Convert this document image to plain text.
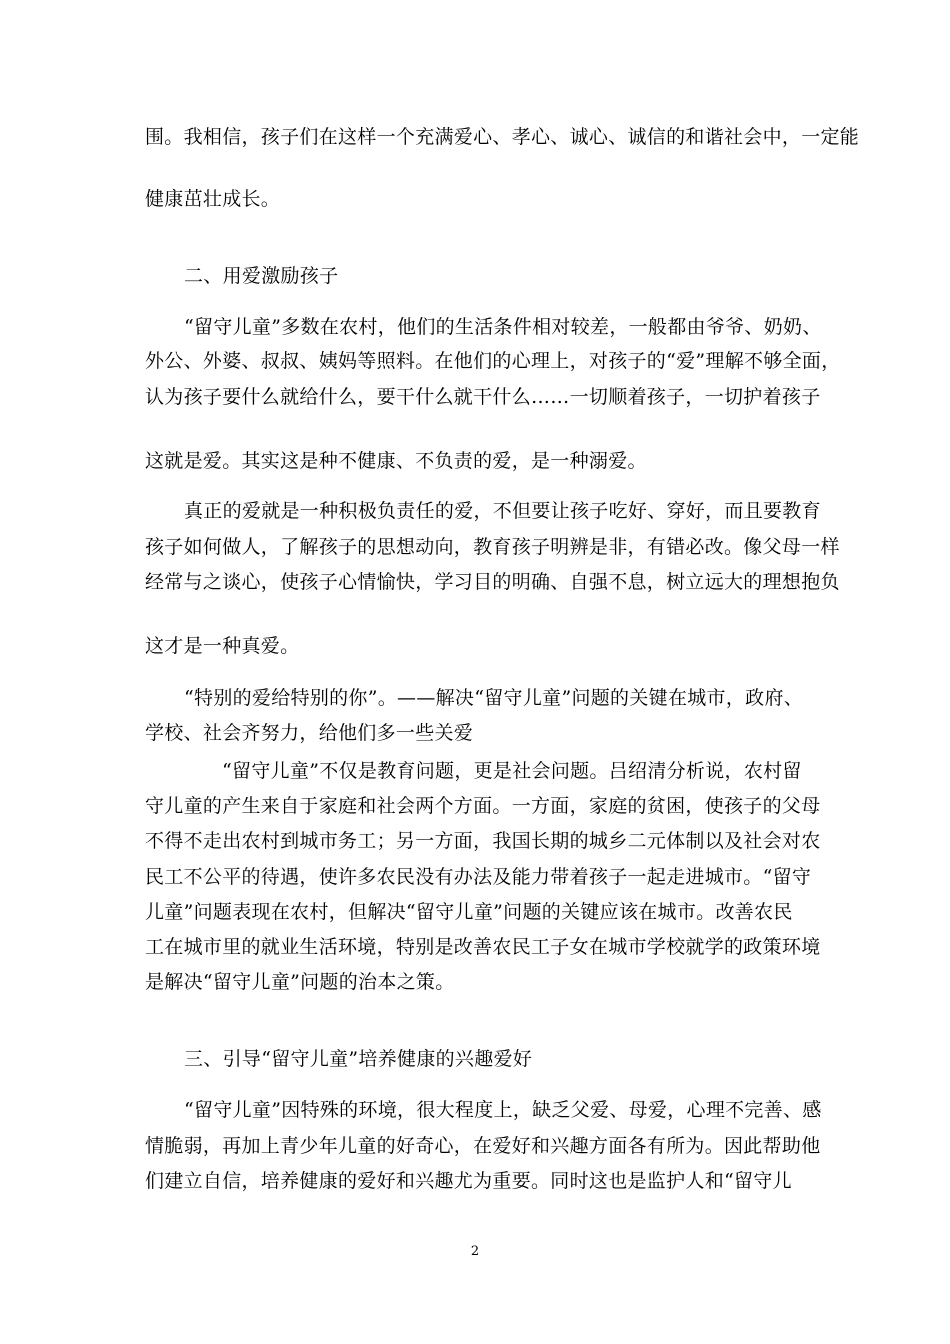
围。我相信，孩子们在这样一个充满爱心、孝心、诚心、诚信的和谐社会中，一定能
健康茁壮成长。
二、用爱激励孩子
“留守儿童”多数在农村，他们的生活条件相对较差，一般都由爷爷、奶奶、
外公、外婆、叔叔、姨妈等照料。在他们的心理上，对孩子的“爱”理解不够全面，
认为孩子要什么就给什么，要干什么就干什么……一切顺着孩子，一切护着孩子
这就是爱。其实这是种不健康、不负责的爱，是一种溺爱。
真正的爱就是一种积极负责任的爱，不但要让孩子吃好、穿好，而且要教育
孩子如何做人，了解孩子的思想动向，教育孩子明辨是非，有错必改。像父母一样
经常与之谈心，使孩子心情愉快，学习目的明确、自强不息，树立远大的理想抱负
这才是一种真爱。
“特别的爱给特别的你”。——解决“留守儿童”问题的关键在城市，政府、
学校、社会齐努力，给他们多一些关爱
“留守儿童”不仅是教育问题，更是社会问题。吕绍清分析说，农村留
守儿童的产生来自于家庭和社会两个方面。一方面，家庭的贫困，使孩子的父母
不得不走出农村到城市务工；另一方面，我国长期的城乡二元体制以及社会对农
民工不公平的待遇，使许多农民没有办法及能力带着孩子一起走进城市。“留守
儿童”问题表现在农村，但解决“留守儿童”问题的关键应该在城市。改善农民
工在城市里的就业生活环境，特别是改善农民工子女在城市学校就学的政策环境
是解决“留守儿童”问题的治本之策。
三、引导“留守儿童”培养健康的兴趣爱好
“留守儿童”因特殊的环境，很大程度上，缺乏父爱、母爱，心理不完善、感
情脆弱，再加上青少年儿童的好奇心，在爱好和兴趣方面各有所为。因此帮助他
们建立自信，培养健康的爱好和兴趣尤为重要。同时这也是监护人和“留守儿
2
